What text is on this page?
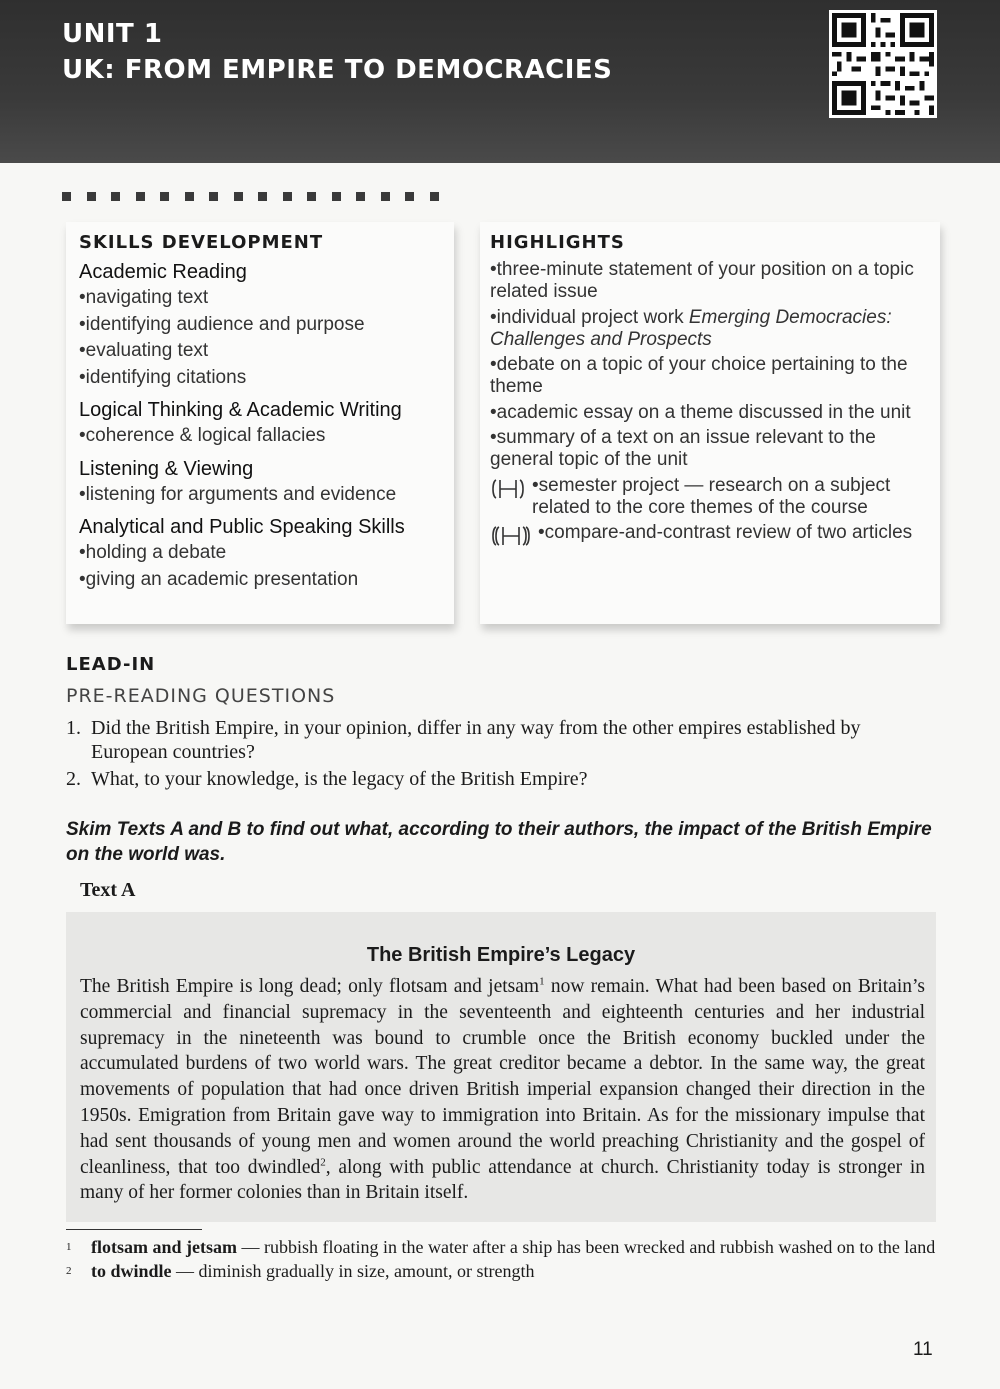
UNIT 1
UK: FROM EMPIRE TO DEMOCRACIES
SKILLS DEVELOPMENT
Academic Reading
• navigating text
• identifying audience and purpose
• evaluating text
• identifying citations
Logical Thinking & Academic Writing
• coherence & logical fallacies
Listening & Viewing
• listening for arguments and evidence
Analytical and Public Speaking Skills
• holding a debate
• giving an academic presentation
HIGHLIGHTS
• three-minute statement of your position on a topic related issue
• individual project work Emerging Democracies: Challenges and Prospects
• debate on a topic of your choice pertaining to the theme
• academic essay on a theme discussed in the unit
• summary of a text on an issue relevant to the general topic of the unit
• semester project — research on a subject related to the core themes of the course
• compare-and-contrast review of two articles
LEAD-IN
PRE-READING QUESTIONS
1. Did the British Empire, in your opinion, differ in any way from the other empires established by European countries?
2. What, to your knowledge, is the legacy of the British Empire?
Skim Texts A and B to find out what, according to their authors, the impact of the British Empire on the world was.
Text A
The British Empire’s Legacy
The British Empire is long dead; only flotsam and jetsam$^1$ now remain. What had been based on Britain’s commercial and financial supremacy in the seventeenth and eighteenth centuries and her industrial supremacy in the nineteenth was bound to crumble once the British economy buckled under the accumulated burdens of two world wars. The great creditor became a debtor. In the same way, the great movements of population that had once driven British imperial expansion changed their direction in the 1950s. Emigration from Britain gave way to immigration into Britain. As for the missionary impulse that had sent thousands of young men and women around the world preaching Christianity and the gospel of cleanliness, that too dwindled$^2$, along with public attendance at church. Christianity today is stronger in many of her former colonies than in Britain itself.
1	flotsam and jetsam — rubbish floating in the water after a ship has been wrecked and rubbish washed on to the land
2	to dwindle — diminish gradually in size, amount, or strength
11
